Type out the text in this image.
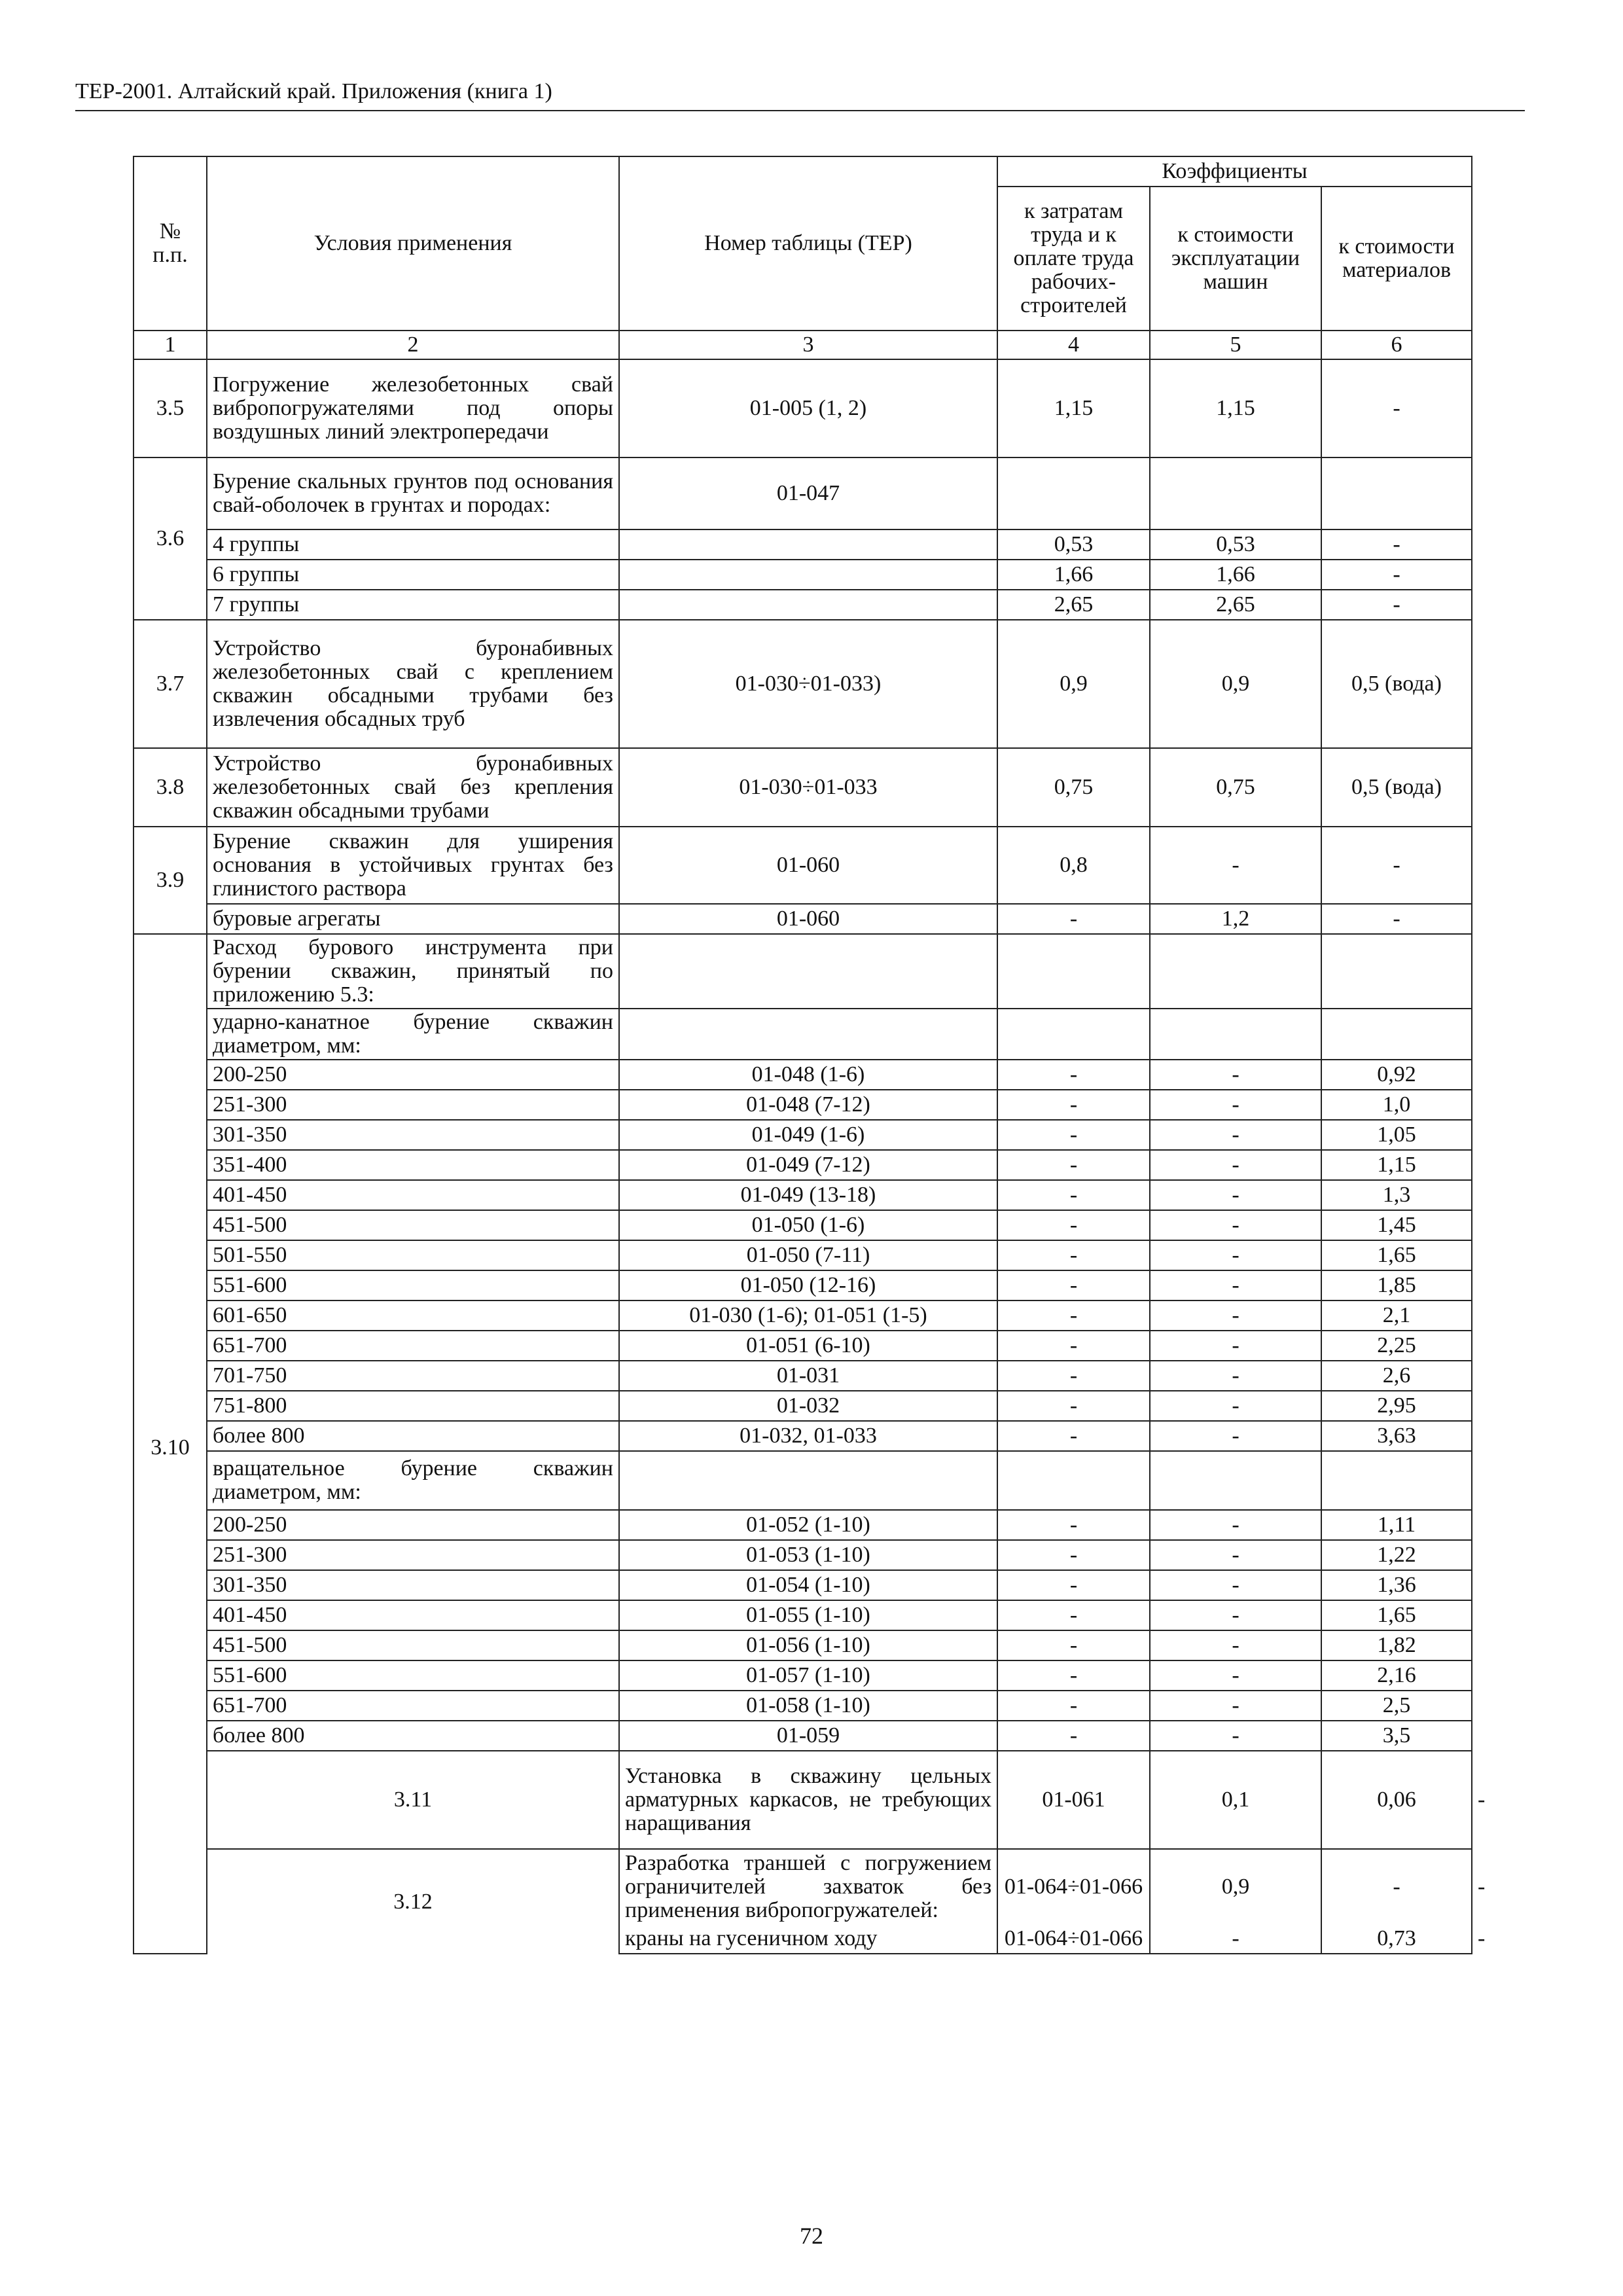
ТЕР-2001. Алтайский край. Приложения (книга 1)
№ п.п.	Условия применения	Номер таблицы (ТЕР)	Коэффициенты			
			к затратам труда и к оплате труда рабочих-строителей	к стоимости эксплуатации машин	к стоимости материалов	
1	2	3	4	5	6	
3.5	Погружение железобетонных свай вибропогружателями под опоры воздушных линий электропередачи	01-005 (1, 2)	1,15	1,15	-	
3.6	Бурение скальных грунтов под основания свай-оболочек в грунтах и породах:	01-047				
	4 группы		0,53	0,53	-	
	6 группы		1,66	1,66	-	
	7 группы		2,65	2,65	-	
3.7	Устройство буронабивных железобетонных свай с креплением скважин обсадными трубами без извлечения обсадных труб	01-030÷01-033)	0,9	0,9	0,5 (вода)	
3.8	Устройство буронабивных железобетонных свай без крепления скважин обсадными трубами	01-030÷01-033	0,75	0,75	0,5 (вода)	
3.9	Бурение скважин для уширения основания в устойчивых грунтах без глинистого раствора	01-060	0,8	-	-	
	буровые агрегаты	01-060	-	1,2	-	
3.10	Расход бурового инструмента при бурении скважин, принятый по приложению 5.3:					
	ударно-канатное бурение скважин диаметром, мм:					
	200-250	01-048 (1-6)	-	-	0,92	
	251-300	01-048 (7-12)	-	-	1,0	
	301-350	01-049 (1-6)	-	-	1,05	
	351-400	01-049 (7-12)	-	-	1,15	
	401-450	01-049 (13-18)	-	-	1,3	
	451-500	01-050 (1-6)	-	-	1,45	
	501-550	01-050 (7-11)	-	-	1,65	
	551-600	01-050 (12-16)	-	-	1,85	
	601-650	01-030 (1-6); 01-051 (1-5)	-	-	2,1	
	651-700	01-051 (6-10)	-	-	2,25	
	701-750	01-031	-	-	2,6	
	751-800	01-032	-	-	2,95	
	более 800	01-032, 01-033	-	-	3,63	
	вращательное бурение скважин диаметром, мм:					
	200-250	01-052 (1-10)	-	-	1,11	
	251-300	01-053 (1-10)	-	-	1,22	
	301-350	01-054 (1-10)	-	-	1,36	
	401-450	01-055 (1-10)	-	-	1,65	
	451-500	01-056 (1-10)	-	-	1,82	
	551-600	01-057 (1-10)	-	-	2,16	
	651-700	01-058 (1-10)	-	-	2,5	
	более 800	01-059	-	-	3,5	
	3.11	Установка в скважину цельных арматурных каркасов, не требующих наращивания	01-061	0,1	0,06	-
	3.12	Разработка траншей с погружением ограничителей захваток без применения вибропогружателей:	01-064÷01-066	0,9	-	-
		краны на гусеничном ходу	01-064÷01-066	-	0,73	-
72
